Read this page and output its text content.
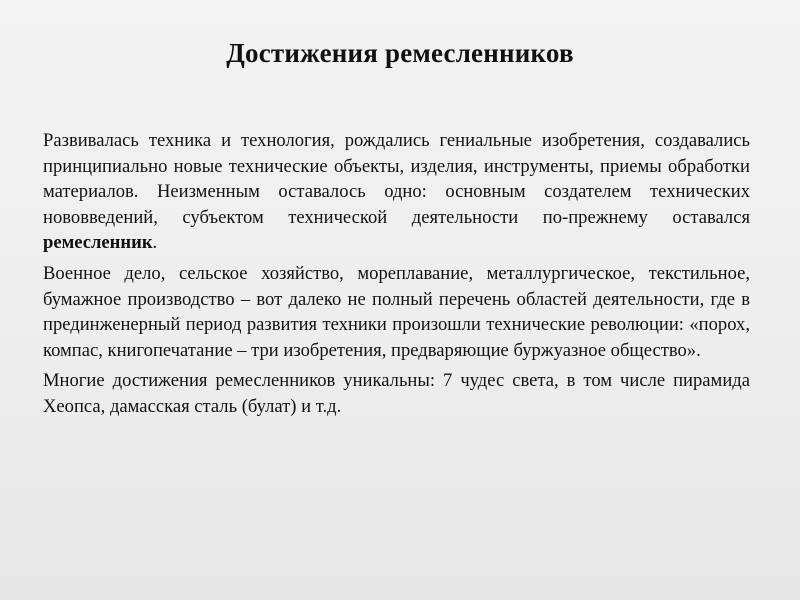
Достижения ремесленников

Развивалась техника и технология, рождались гениальные изобретения, создавались принципиально новые технические объекты, изделия, инструменты, приемы обработки материалов. Неизменным оставалось одно: основным создателем технических нововведений, субъектом технической деятельности по-прежнему оставался ремесленник.

Военное дело, сельское хозяйство, мореплавание, металлургическое, текстильное, бумажное производство – вот далеко не полный перечень областей деятельности, где в прединженерный период развития техники произошли технические революции: «порох, компас, книгопечатание – три изобретения, предваряющие буржуазное общество».

Многие достижения ремесленников уникальны: 7 чудес света, в том числе пирамида Хеопса, дамасская сталь (булат) и т.д.
